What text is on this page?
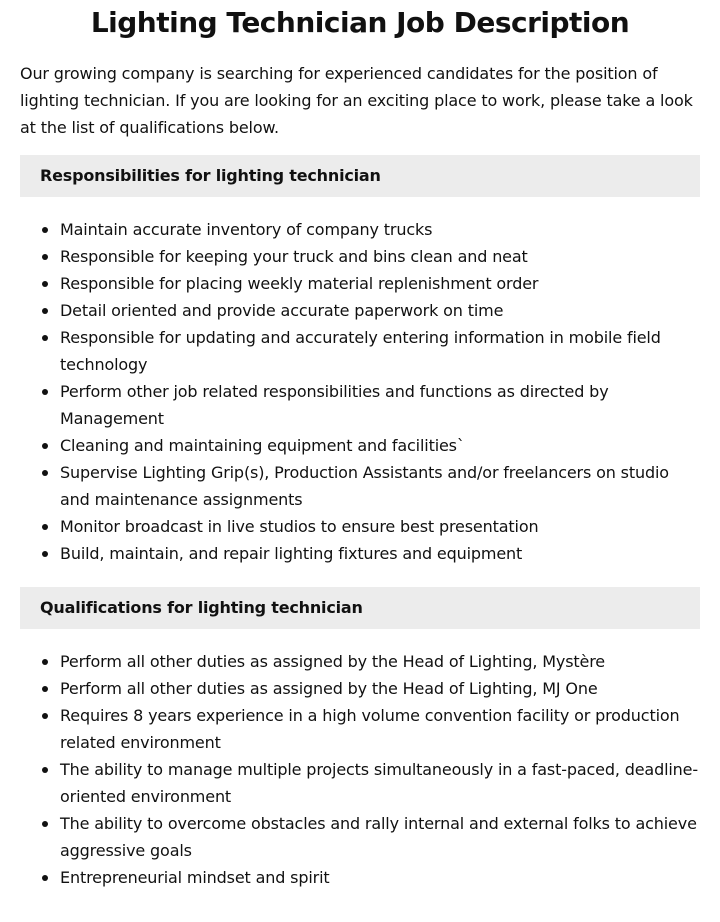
Lighting Technician Job Description

Our growing company is searching for experienced candidates for the position of lighting technician. If you are looking for an exciting place to work, please take a look at the list of qualifications below.

Responsibilities for lighting technician
Maintain accurate inventory of company trucks
Responsible for keeping your truck and bins clean and neat
Responsible for placing weekly material replenishment order
Detail oriented and provide accurate paperwork on time
Responsible for updating and accurately entering information in mobile field technology
Perform other job related responsibilities and functions as directed by Management
Cleaning and maintaining equipment and facilities`
Supervise Lighting Grip(s), Production Assistants and/or freelancers on studio and maintenance assignments
Monitor broadcast in live studios to ensure best presentation
Build, maintain, and repair lighting fixtures and equipment
Qualifications for lighting technician
Perform all other duties as assigned by the Head of Lighting, Mystère
Perform all other duties as assigned by the Head of Lighting, MJ One
Requires 8 years experience in a high volume convention facility or production related environment
The ability to manage multiple projects simultaneously in a fast-paced, deadline-oriented environment
The ability to overcome obstacles and rally internal and external folks to achieve aggressive goals
Entrepreneurial mindset and spirit
